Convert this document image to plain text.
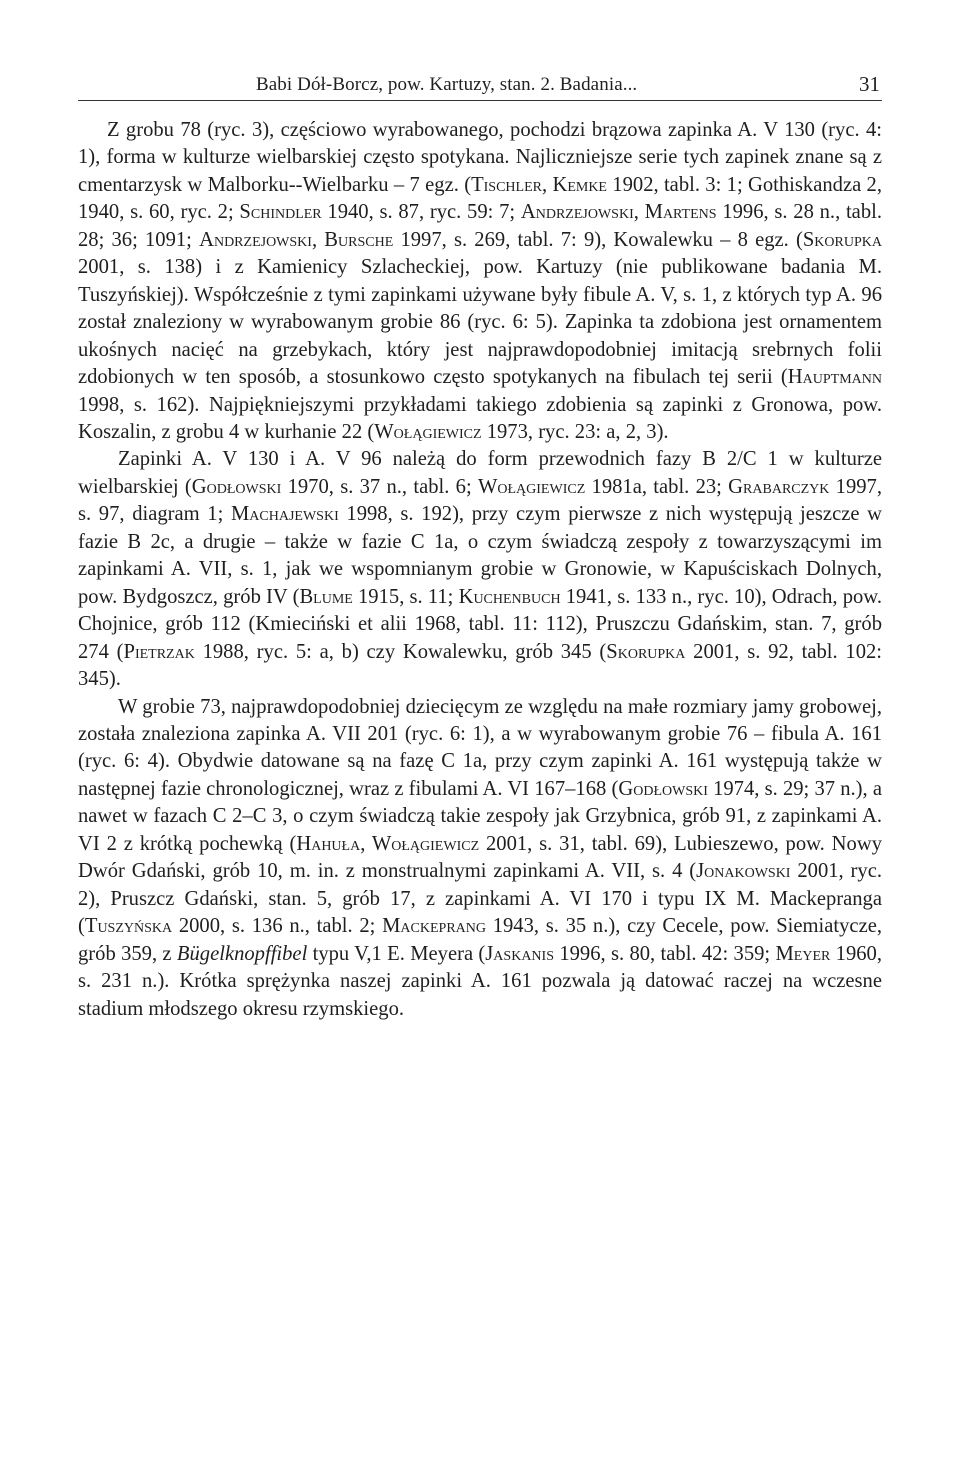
Babi Dół-Borcz, pow. Kartuzy, stan. 2. Badania...	31

Z grobu 78 (ryc. 3), częściowo wyrabowanego, pochodzi brązowa zapinka A. V 130 (ryc. 4: 1), forma w kulturze wielbarskiej często spotykana. Najliczniejsze serie tych zapinek znane są z cmentarzysk w Malborku--Wielbarku – 7 egz. (Tischler, Kemke 1902, tabl. 3: 1; Gothiskandza 2, 1940, s. 60, ryc. 2; Schindler 1940, s. 87, ryc. 59: 7; Andrzejowski, Martens 1996, s. 28 n., tabl. 28; 36; 1091; Andrzejowski, Bursche 1997, s. 269, tabl. 7: 9), Kowalewku – 8 egz. (Skorupka 2001, s. 138) i z Kamienicy Szlacheckiej, pow. Kartuzy (nie publikowane badania M. Tuszyńskiej). Współcześnie z tymi zapinkami używane były fibule A. V, s. 1, z których typ A. 96 został znaleziony w wyrabowanym grobie 86 (ryc. 6: 5). Zapinka ta zdobiona jest ornamentem ukośnych nacięć na grzebykach, który jest najprawdopodobniej imitacją srebrnych folii zdobionych w ten sposób, a stosunkowo często spotykanych na fibulach tej serii (Hauptmann 1998, s. 162). Najpiękniejszymi przykładami takiego zdobienia są zapinki z Gronowa, pow. Koszalin, z grobu 4 w kurhanie 22 (Wołągiewicz 1973, ryc. 23: a, 2, 3).

Zapinki A. V 130 i A. V 96 należą do form przewodnich fazy B 2/C 1 w kulturze wielbarskiej (Godłowski 1970, s. 37 n., tabl. 6; Wołągiewicz 1981a, tabl. 23; Grabarczyk 1997, s. 97, diagram 1; Machajewski 1998, s. 192), przy czym pierwsze z nich występują jeszcze w fazie B 2c, a drugie – także w fazie C 1a, o czym świadczą zespoły z towarzyszącymi im zapinkami A. VII, s. 1, jak we wspomnianym grobie w Gronowie, w Kapuściskach Dolnych, pow. Bydgoszcz, grób IV (Blume 1915, s. 11; Kuchenbuch 1941, s. 133 n., ryc. 10), Odrach, pow. Chojnice, grób 112 (Kmieciński et alii 1968, tabl. 11: 112), Pruszczu Gdańskim, stan. 7, grób 274 (Pietrzak 1988, ryc. 5: a, b) czy Kowalewku, grób 345 (Skorupka 2001, s. 92, tabl. 102: 345).

W grobie 73, najprawdopodobniej dziecięcym ze względu na małe rozmiary jamy grobowej, została znaleziona zapinka A. VII 201 (ryc. 6: 1), a w wyrabowanym grobie 76 – fibula A. 161 (ryc. 6: 4). Obydwie datowane są na fazę C 1a, przy czym zapinki A. 161 występują także w następnej fazie chronologicznej, wraz z fibulami A. VI 167–168 (Godłowski 1974, s. 29; 37 n.), a nawet w fazach C 2–C 3, o czym świadczą takie zespoły jak Grzybnica, grób 91, z zapinkami A. VI 2 z krótką pochewką (Hahuła, Wołągiewicz 2001, s. 31, tabl. 69), Lubieszewo, pow. Nowy Dwór Gdański, grób 10, m. in. z monstrualnymi zapinkami A. VII, s. 4 (Jonakowski 2001, ryc. 2), Pruszcz Gdański, stan. 5, grób 17, z zapinkami A. VI 170 i typu IX M. Mackepranga (Tuszyńska 2000, s. 136 n., tabl. 2; Mackeprang 1943, s. 35 n.), czy Cecele, pow. Siemiatycze, grób 359, z Bügelknopffibel typu V,1 E. Meyera (Jaskanis 1996, s. 80, tabl. 42: 359; Meyer 1960, s. 231 n.). Krótka sprężynka naszej zapinki A. 161 pozwala ją datować raczej na wczesne stadium młodszego okresu rzymskiego.
